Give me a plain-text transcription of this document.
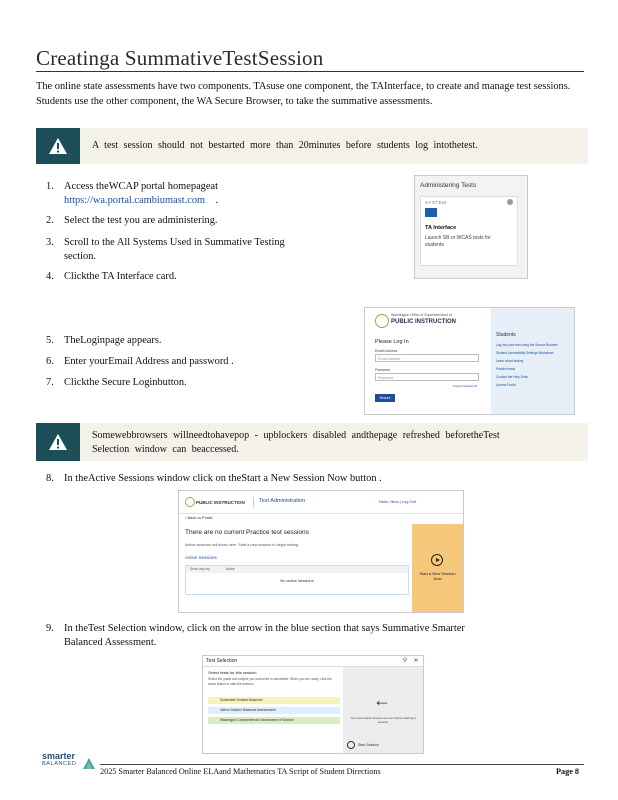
Creatinga SummativeTestSession
The online state assessments have two components. TAsuse one component, the TAInterface, to create and manage test sessions. Students use the other component, the WA Secure Browser, to take the summative assessments.
A test session should not bestarted more than 20minutes before students log intothetest.
1. Access theWCAP portal homepageat
https://wa.portal.cambiumast.com .
2. Select the test you are administering.
3. Scroll to the All Systems Used in Summative Testing
section.
4. Clickthe TA Interface card.
Administering Tests
SYSTEM
TA Interface
Launch SB or WCAS tests for students
5. TheLoginpage appears.
6. Enter yourEmail Address and password .
7. Clickthe Secure Loginbutton.
Washington Office of Superintendent of
PUBLIC INSTRUCTION
Please Log In
Email Address
Email Address
Password
Password
Forgot Password?
Secure Login
Students
Log into your test using the Secure Browser
Student Accessibility Settings Worksheet
Learn about testing
Practice tests
Contact the Help Desk
Access Portal
Somewebbrowsers willneedtohavepop - upblockers disabled andthepage refreshed beforetheTest
Selection window can beaccessed.
8. In theActive Sessions window click on theStart a New Session Now button .
PUBLIC INSTRUCTION	Test Administration	Hello, Nina | Log Out
‹ Back to Portal
There are no current Practice test sessions
Active sessions will show here. Start a new session to begin testing.
Active Sessions
Show only my	Active
No active sessions
Start a New Session Now
9. In theTest Selection window, click on the arrow in the blue section that says Summative Smarter
Balanced Assessment.
Test Selection	⚲ ✕
Select tests for this session
Select the grade and subject you would like to administer. When you are ready, click the arrow button to start the session.
Summative Smarter Balanced
Interim Smarter Balanced Assessments
Washington Comprehensive Assessment of Science
←
You must select at least one test before starting a session
Start Session
smarter
BALANCED
2025 Smarter Balanced Online ELAand Mathematics TA Script of Student Directions	Page 8
